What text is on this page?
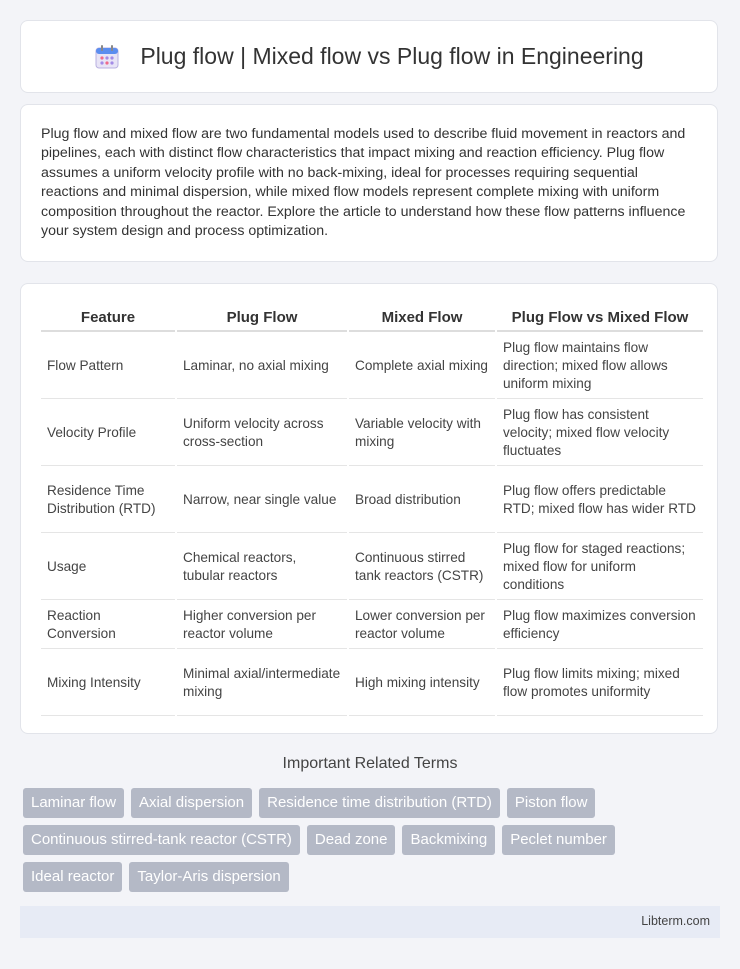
Plug flow | Mixed flow vs Plug flow in Engineering

Plug flow and mixed flow are two fundamental models used to describe fluid movement in reactors and pipelines, each with distinct flow characteristics that impact mixing and reaction efficiency. Plug flow assumes a uniform velocity profile with no back-mixing, ideal for processes requiring sequential reactions and minimal dispersion, while mixed flow models represent complete mixing with uniform composition throughout the reactor. Explore the article to understand how these flow patterns influence your system design and process optimization.

Feature	Plug Flow	Mixed Flow	Plug Flow vs Mixed Flow
Flow Pattern	Laminar, no axial mixing	Complete axial mixing	Plug flow maintains flow direction; mixed flow allows uniform mixing
Velocity Profile	Uniform velocity across cross-section	Variable velocity with mixing	Plug flow has consistent velocity; mixed flow velocity fluctuates
Residence Time Distribution (RTD)	Narrow, near single value	Broad distribution	Plug flow offers predictable RTD; mixed flow has wider RTD
Usage	Chemical reactors, tubular reactors	Continuous stirred tank reactors (CSTR)	Plug flow for staged reactions; mixed flow for uniform conditions
Reaction Conversion	Higher conversion per reactor volume	Lower conversion per reactor volume	Plug flow maximizes conversion efficiency
Mixing Intensity	Minimal axial/intermediate mixing	High mixing intensity	Plug flow limits mixing; mixed flow promotes uniformity
Important Related Terms
Laminar flow	Axial dispersion	Residence time distribution (RTD)	Piston flow
Continuous stirred-tank reactor (CSTR)	Dead zone	Backmixing	Peclet number
Ideal reactor	Taylor-Aris dispersion
Libterm.com
